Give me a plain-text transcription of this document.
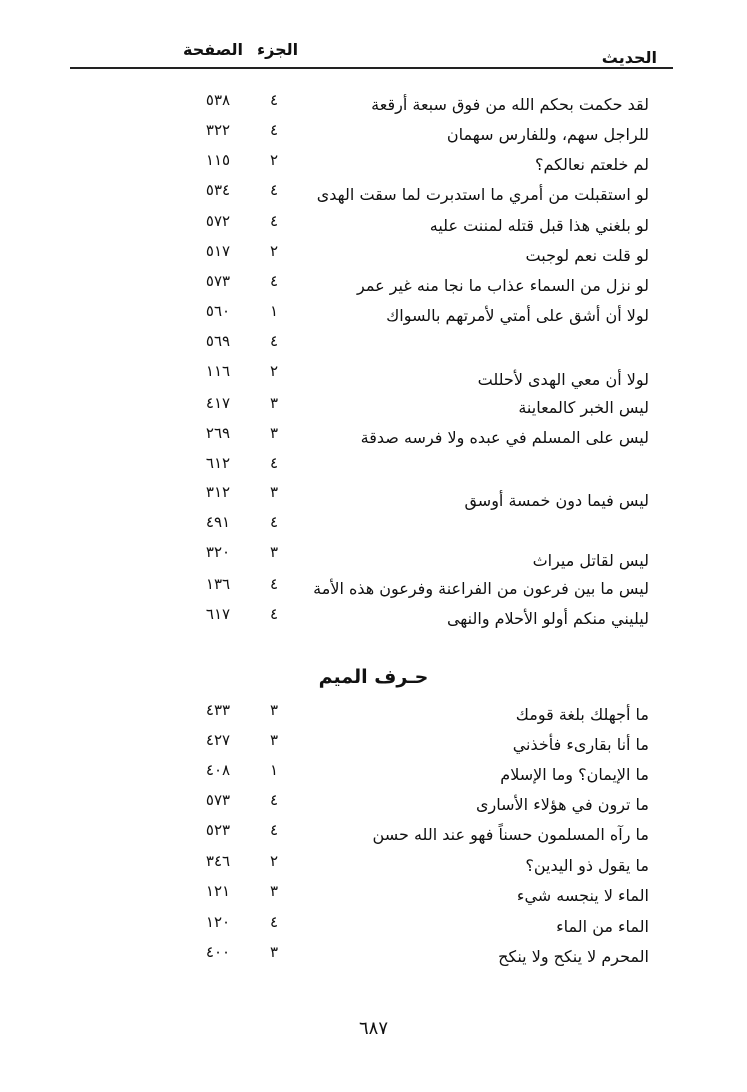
الحديث
الجزء
الصفحة
لقد حكمت بحكم الله من فوق سبعة أرقعة
٤
٥٣٨
للراجل سهم، وللفارس سهمان
٤
٣٢٢
لم خلعتم نعالكم؟
٢
١١٥
لو استقبلت من أمري ما استدبرت لما سقت الهدى
٤
٥٣٤
لو بلغني هذا قبل قتله لمننت عليه
٤
٥٧٢
لو قلت نعم لوجبت
٢
٥١٧
لو نزل من السماء عذاب ما نجا منه غير عمر
٤
٥٧٣
لولا أن أشق على أمتي لأمرتهم بالسواك
١
٥٦٠
٤
٥٦٩
لولا أن معي الهدى لأحللت
٢
١١٦
ليس الخبر كالمعاينة
٣
٤١٧
ليس على المسلم في عبده ولا فرسه صدقة
٣
٢٦٩
٤
٦١٢
ليس فيما دون خمسة أوسق
٣
٣١٢
٤
٤٩١
ليس لقاتل ميراث
٣
٣٢٠
ليس ما بين فرعون من الفراعنة وفرعون هذه الأمة
٤
١٣٦
ليليني منكم أولو الأحلام والنهى
٤
٦١٧
حـرف الميم
ما أجهلك بلغة قومك
٣
٤٣٣
ما أنا بقارىء فأخذني
٣
٤٢٧
ما الإيمان؟ وما الإسلام
١
٤٠٨
ما ترون في هؤلاء الأسارى
٤
٥٧٣
ما رآه المسلمون حسناً فهو عند الله حسن
٤
٥٢٣
ما يقول ذو اليدين؟
٢
٣٤٦
الماء لا ينجسه شيء
٣
١٢١
الماء من الماء
٤
١٢٠
المحرم لا ينكح ولا ينكح
٣
٤٠٠
٦٨٧
